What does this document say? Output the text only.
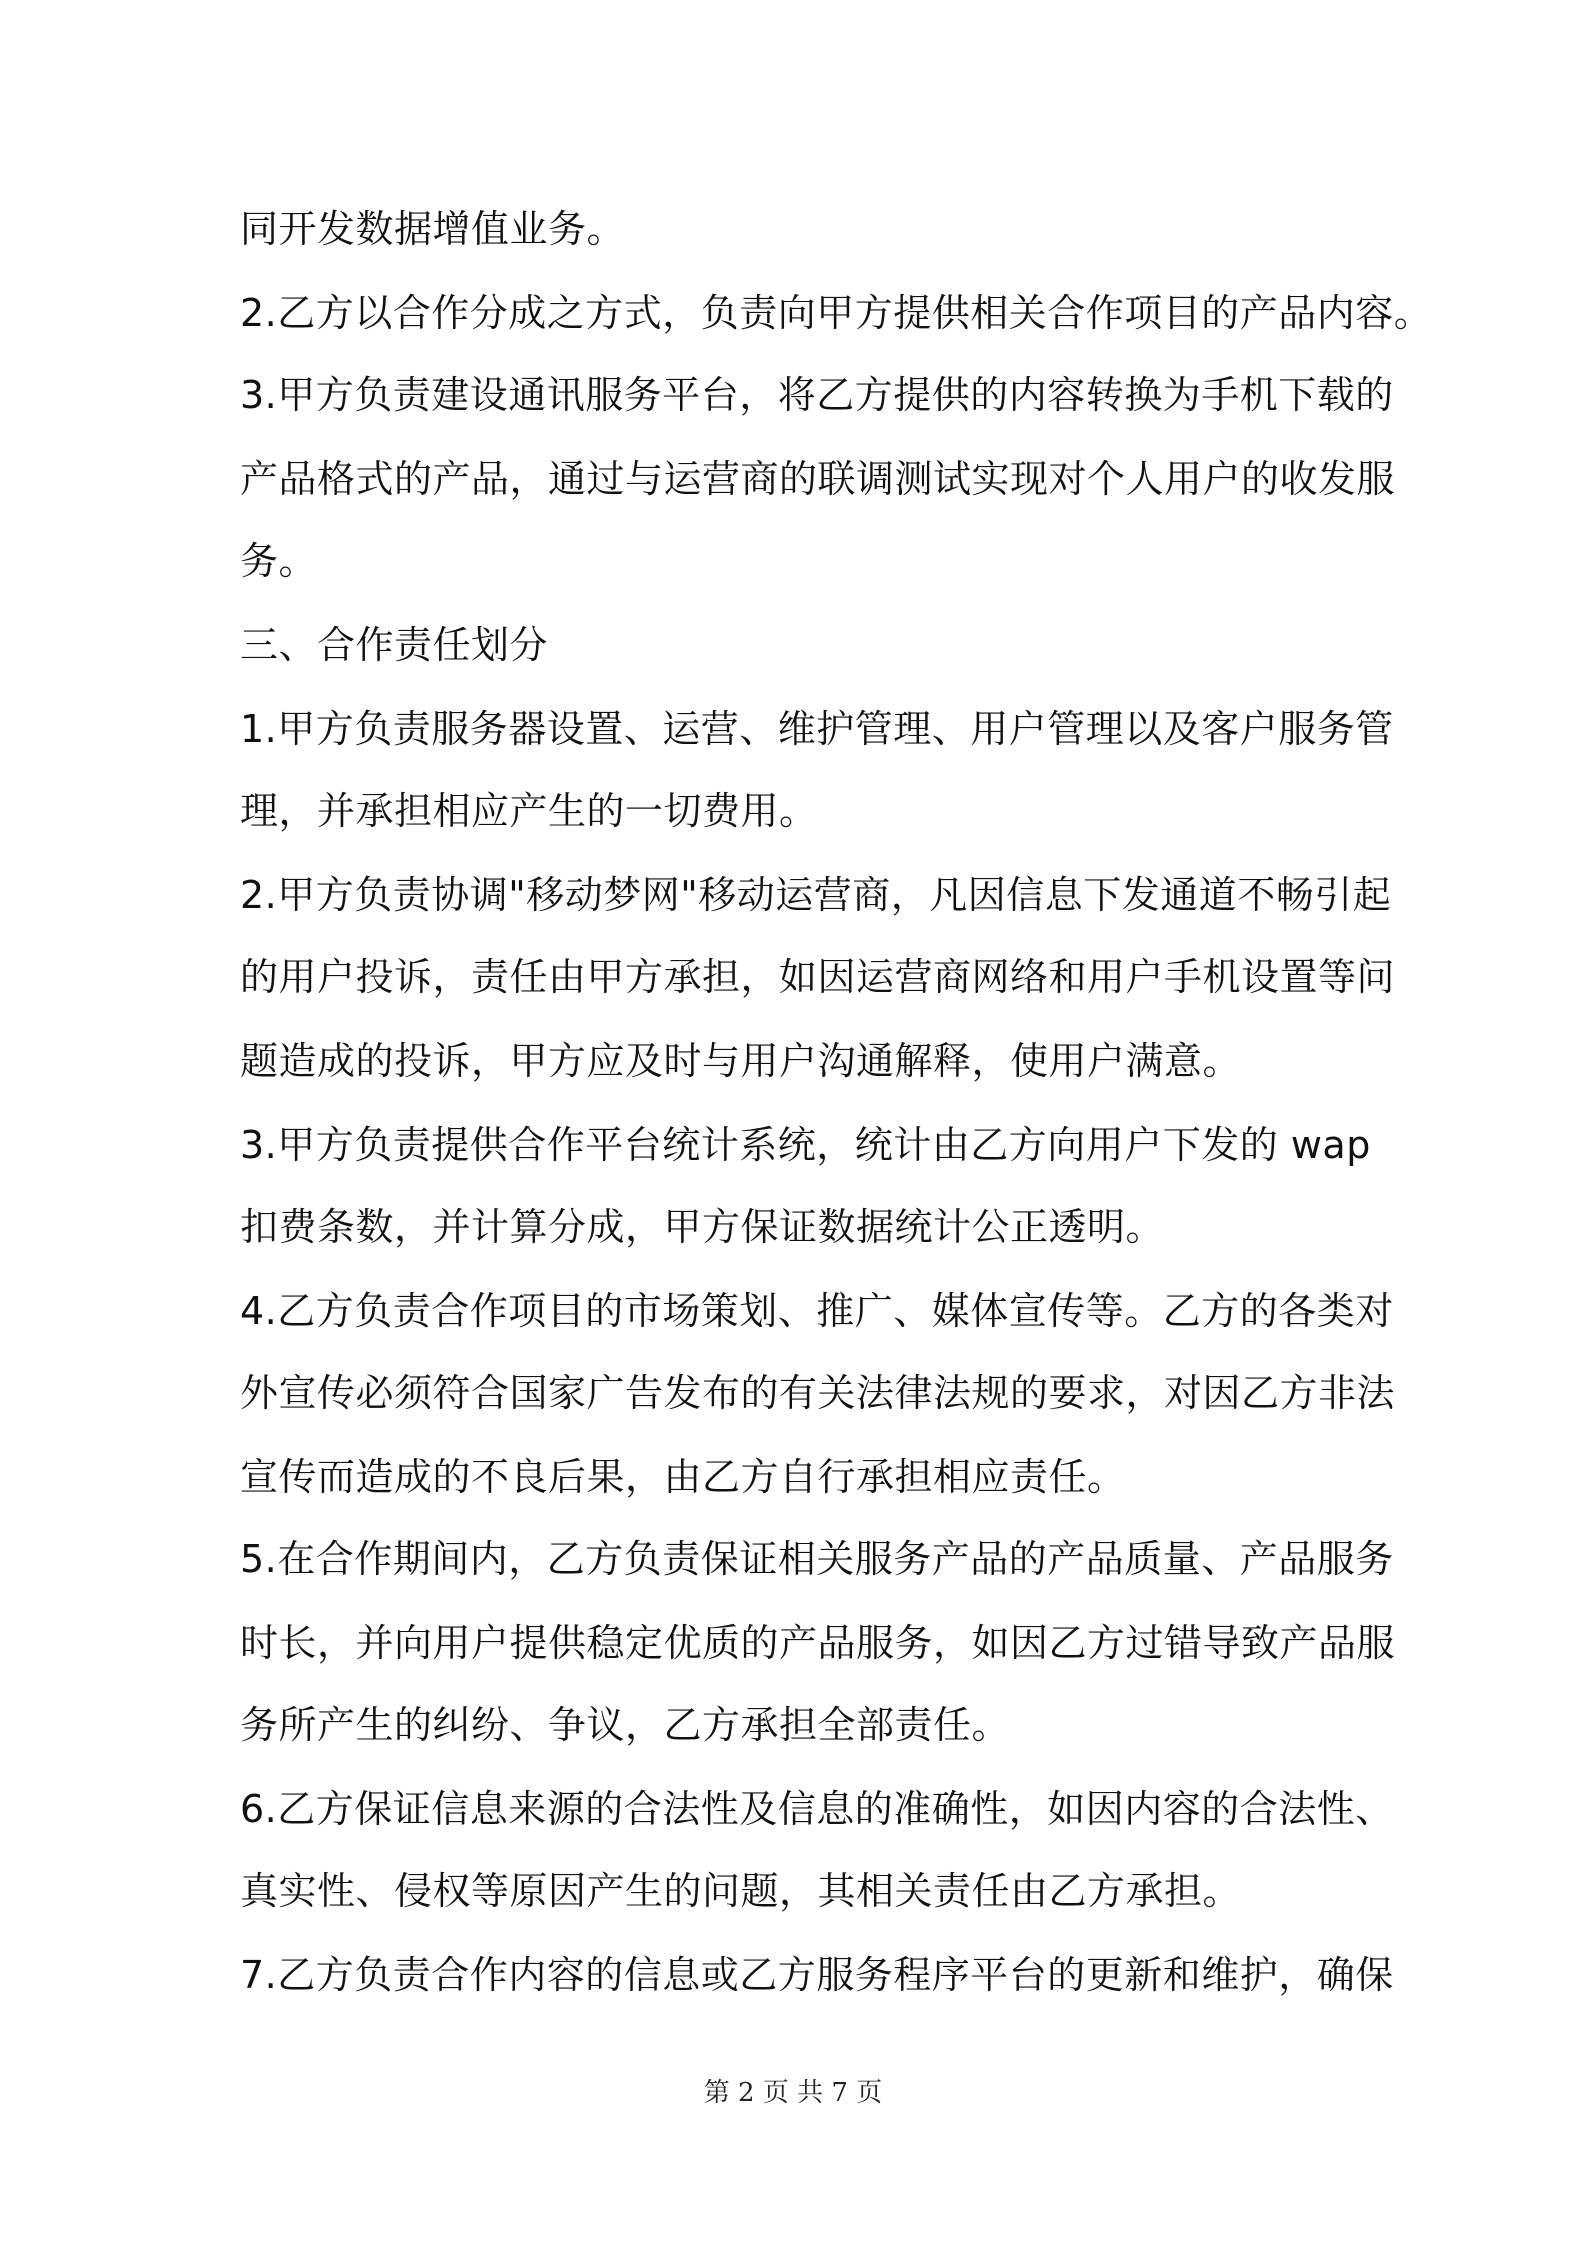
同开发数据增值业务。
2.乙方以合作分成之方式，负责向甲方提供相关合作项目的产品内容。
3.甲方负责建设通讯服务平台，将乙方提供的内容转换为手机下载的
产品格式的产品，通过与运营商的联调测试实现对个人用户的收发服
务。
三、合作责任划分
1.甲方负责服务器设置、运营、维护管理、用户管理以及客户服务管
理，并承担相应产生的一切费用。
2.甲方负责协调"移动梦网"移动运营商，凡因信息下发通道不畅引起
的用户投诉，责任由甲方承担，如因运营商网络和用户手机设置等问
题造成的投诉，甲方应及时与用户沟通解释，使用户满意。
3.甲方负责提供合作平台统计系统，统计由乙方向用户下发的 wap
扣费条数，并计算分成，甲方保证数据统计公正透明。
4.乙方负责合作项目的市场策划、推广、媒体宣传等。乙方的各类对
外宣传必须符合国家广告发布的有关法律法规的要求，对因乙方非法
宣传而造成的不良后果，由乙方自行承担相应责任。
5.在合作期间内，乙方负责保证相关服务产品的产品质量、产品服务
时长，并向用户提供稳定优质的产品服务，如因乙方过错导致产品服
务所产生的纠纷、争议，乙方承担全部责任。
6.乙方保证信息来源的合法性及信息的准确性，如因内容的合法性、
真实性、侵权等原因产生的问题，其相关责任由乙方承担。
7.乙方负责合作内容的信息或乙方服务程序平台的更新和维护，确保
第 2 页 共 7 页
